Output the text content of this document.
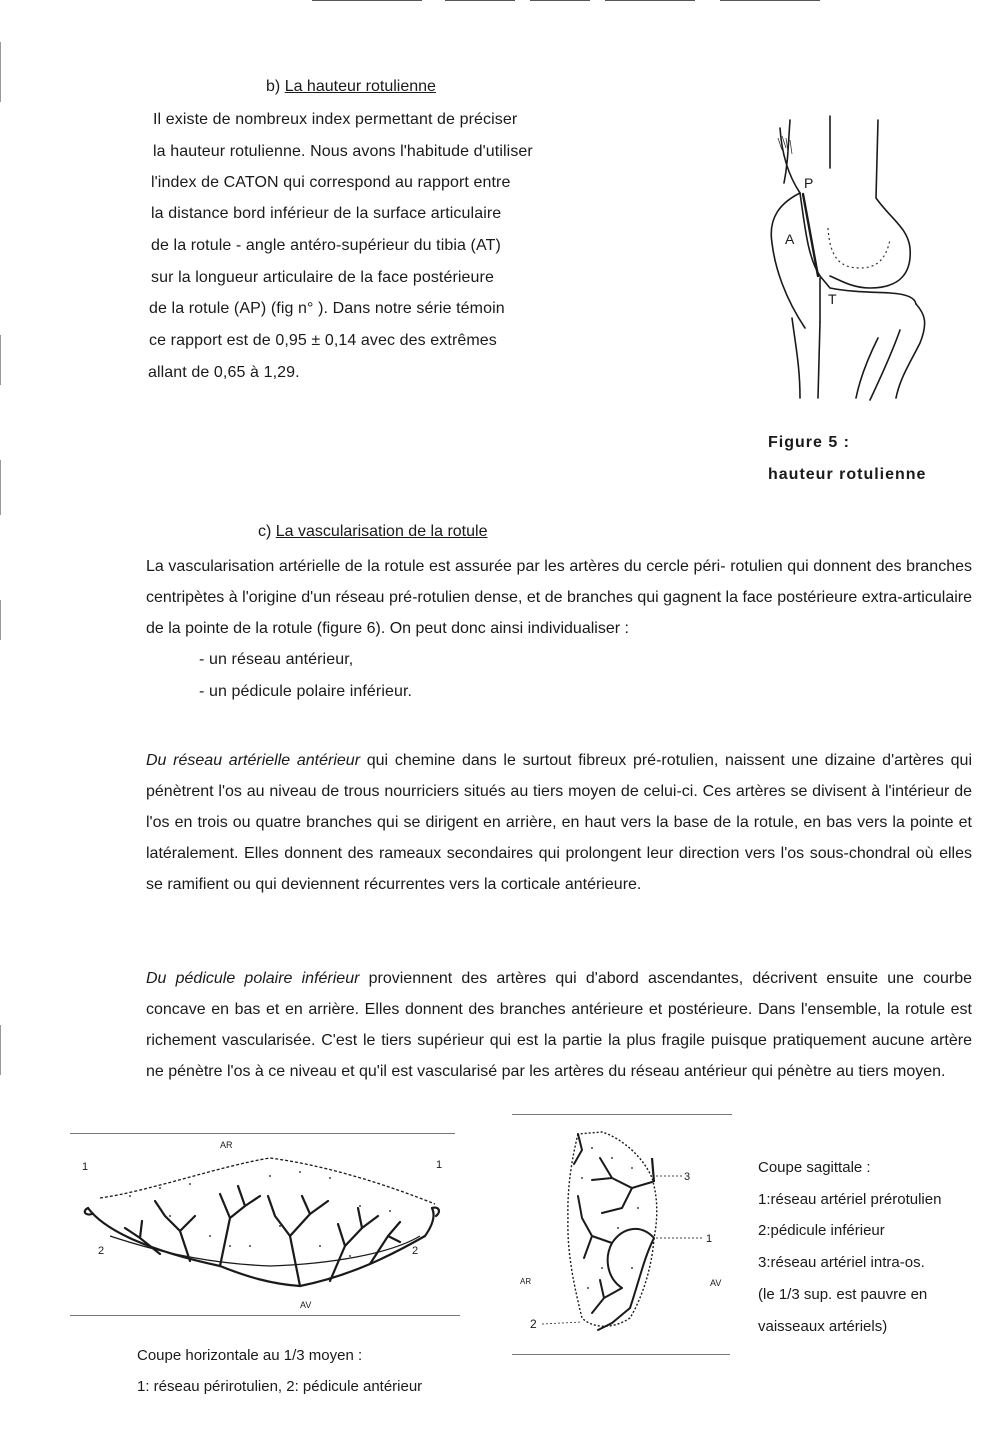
b) La hauteur rotulienne
Il existe de nombreux index permettant de préciser
la hauteur rotulienne. Nous avons l'habitude d'utiliser
l'index de CATON qui correspond au rapport entre
la distance bord inférieur de la surface articulaire
de la rotule - angle antéro-supérieur du tibia (AT)
sur la longueur articulaire de la face postérieure
de la rotule (AP) (fig n° ). Dans notre série témoin
ce rapport est de 0,95 ± 0,14 avec des extrêmes
allant de 0,65 à 1,29.
P
A
T
Figure 5 :
hauteur rotulienne
c) La vascularisation de la rotule

La vascularisation artérielle de la rotule est assurée par les artères du cercle péri- rotulien qui donnent des branches centripètes à l'origine d'un réseau pré-rotulien dense, et de branches qui gagnent la face postérieure extra-articulaire de la pointe de la rotule (figure 6). On peut donc ainsi individualiser :

- un réseau antérieur,
- un pédicule polaire inférieur.

Du réseau artérielle antérieur qui chemine dans le surtout fibreux pré-rotulien, naissent une dizaine d'artères qui pénètrent l'os au niveau de trous nourriciers situés au tiers moyen de celui-ci. Ces artères se divisent à l'intérieur de l'os en trois ou quatre branches qui se dirigent en arrière, en haut vers la base de la rotule, en bas vers la pointe et latéralement. Elles donnent des rameaux secondaires qui prolongent leur direction vers l'os sous-chondral où elles se ramifient ou qui deviennent récurrentes vers la corticale antérieure.

Du pédicule polaire inférieur proviennent des artères qui d'abord ascendantes, décrivent ensuite une courbe concave en bas et en arrière. Elles donnent des branches antérieure et postérieure. Dans l'ensemble, la rotule est richement vascularisée. C'est le tiers supérieur qui est la partie la plus fragile puisque pratiquement aucune artère ne pénètre l'os à ce niveau et qu'il est vascularisé par les artères du réseau antérieur qui pénètre au tiers moyen.

AR
AV
1	1
2	2
Coupe horizontale au 1/3 moyen :
1: réseau périrotulien, 2: pédicule antérieur
3
1
2
AR	AV
Coupe sagittale :
1:réseau artériel prérotulien
2:pédicule inférieur
3:réseau artériel intra-os.
(le 1/3 sup. est pauvre en
vaisseaux artériels)
